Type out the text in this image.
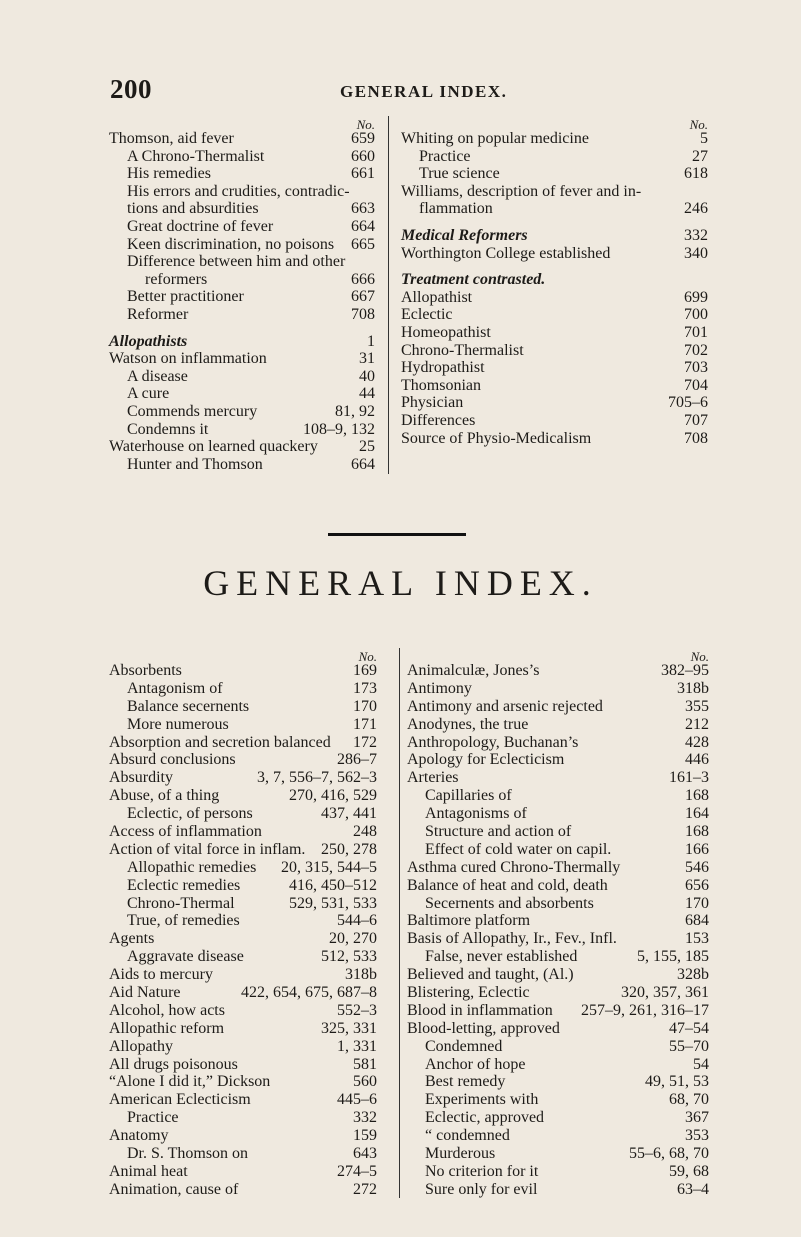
200	GENERAL INDEX.
No.
Thomson, aid fever	659
A Chrono-Thermalist	660
His remedies	661
His errors and crudities, contradic-
tions and absurdities	663
Great doctrine of fever	664
Keen discrimination, no poisons 665
Difference between him and other
reformers	666
Better practitioner	667
Reformer	708
Allopathists	1
Watson on inflammation	31
A disease	40
A cure	44
Commends mercury	81, 92
Condemns it	108–9, 132
Waterhouse on learned quackery	25
Hunter and Thomson	664
No.
Whiting on popular medicine	5
Practice	27
True science	618
Williams, description of fever and in-
flammation	246
Medical Reformers	332
Worthington College established	340
Treatment contrasted.
Allopathist	699
Eclectic	700
Homeopathist	701
Chrono-Thermalist	702
Hydropathist	703
Thomsonian	704
Physician	705–6
Differences	707
Source of Physio-Medicalism	708
GENERAL INDEX.
No.
Absorbents	169
Antagonism of	173
Balance secernents	170
More numerous	171
Absorption and secretion balanced 172
Absurd conclusions	286–7
Absurdity	3, 7, 556–7, 562–3
Abuse, of a thing	270, 416, 529
Eclectic, of persons	437, 441
Access of inflammation	248
Action of vital force in inflam. 250, 278
Allopathic remedies 20, 315, 544–5
Eclectic remedies	416, 450–512
Chrono-Thermal	529, 531, 533
True, of remedies	544–6
Agents	20, 270
Aggravate disease	512, 533
Aids to mercury	318b
Aid Nature	422, 654, 675, 687–8
Alcohol, how acts	552–3
Allopathic reform	325, 331
Allopathy	1, 331
All drugs poisonous	581
“Alone I did it,” Dickson	560
American Eclecticism	445–6
Practice	332
Anatomy	159
Dr. S. Thomson on	643
Animal heat	274–5
Animation, cause of	272
No.
Animalculæ, Jones’s	382–95
Antimony	318b
Antimony and arsenic rejected	355
Anodynes, the true	212
Anthropology, Buchanan’s	428
Apology for Eclecticism	446
Arteries	161–3
Capillaries of	168
Antagonisms of	164
Structure and action of	168
Effect of cold water on capil.	166
Asthma cured Chrono-Thermally	546
Balance of heat and cold, death	656
Secernents and absorbents	170
Baltimore platform	684
Basis of Allopathy, Ir., Fev., Infl.	153
False, never established	5, 155, 185
Believed and taught, (Al.)	328b
Blistering, Eclectic	320, 357, 361
Blood in inflammation 257–9, 261, 316–17
Blood-letting, approved	47–54
Condemned	55–70
Anchor of hope	54
Best remedy	49, 51, 53
Experiments with	68, 70
Eclectic, approved	367
“ condemned	353
Murderous	55–6, 68, 70
No criterion for it	59, 68
Sure only for evil	63–4
